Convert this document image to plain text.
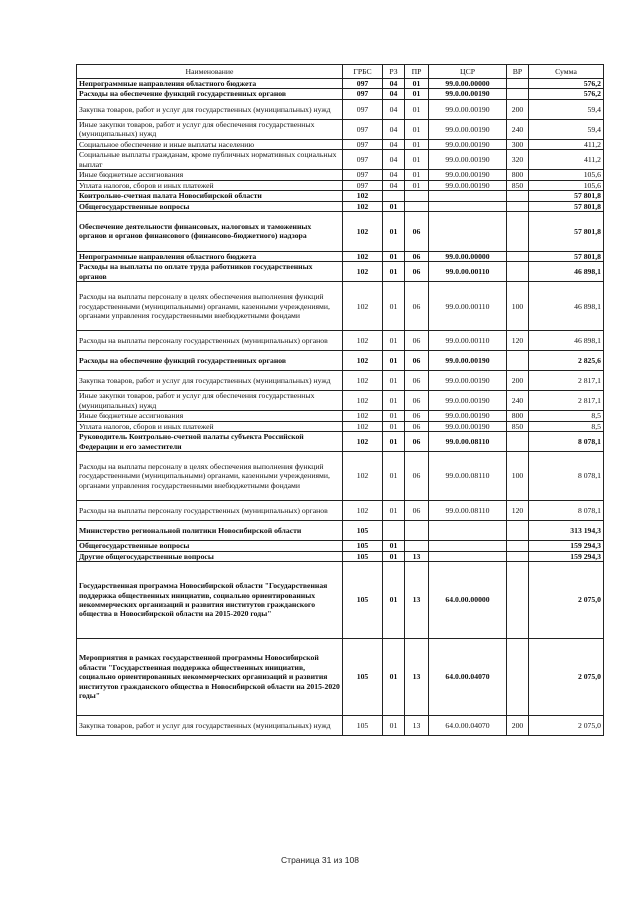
Наименование	ГРБС	РЗ	ПР	ЦСР	ВР	Сумма
Непрограммные направления областного бюджета	097	04	01	99.0.00.00000		576,2
Расходы на обеспечение функций государственных органов	097	04	01	99.0.00.00190		576,2
Закупка товаров, работ и услуг для государственных (муниципальных) нужд	097	04	01	99.0.00.00190	200	59,4
Иные закупки товаров, работ и услуг для обеспечения государственных (муниципальных) нужд	097	04	01	99.0.00.00190	240	59,4
Социальное обеспечение и иные выплаты населению	097	04	01	99.0.00.00190	300	411,2
Социальные выплаты гражданам, кроме публичных нормативных социальных выплат	097	04	01	99.0.00.00190	320	411,2
Иные бюджетные ассигнования	097	04	01	99.0.00.00190	800	105,6
Уплата налогов, сборов и иных платежей	097	04	01	99.0.00.00190	850	105,6
Контрольно-счетная палата Новосибирской области	102					57 801,8
Общегосударственные вопросы	102	01				57 801,8
Обеспечение деятельности финансовых, налоговых и таможенных органов и органов финансового (финансово-бюджетного) надзора	102	01	06			57 801,8
Непрограммные направления областного бюджета	102	01	06	99.0.00.00000		57 801,8
Расходы на выплаты по оплате труда работников государственных органов	102	01	06	99.0.00.00110		46 898,1
Расходы на выплаты персоналу в целях обеспечения выполнения функций государственными (муниципальными) органами, казенными учреждениями, органами управления государственными внебюджетными фондами	102	01	06	99.0.00.00110	100	46 898,1
Расходы на выплаты персоналу государственных (муниципальных) органов	102	01	06	99.0.00.00110	120	46 898,1
Расходы на обеспечение функций государственных органов	102	01	06	99.0.00.00190		2 825,6
Закупка товаров, работ и услуг для государственных (муниципальных) нужд	102	01	06	99.0.00.00190	200	2 817,1
Иные закупки товаров, работ и услуг для обеспечения государственных (муниципальных) нужд	102	01	06	99.0.00.00190	240	2 817,1
Иные бюджетные ассигнования	102	01	06	99.0.00.00190	800	8,5
Уплата налогов, сборов и иных платежей	102	01	06	99.0.00.00190	850	8,5
Руководитель Контрольно-счетной палаты субъекта Российской Федерации и его заместители	102	01	06	99.0.00.08110		8 078,1
Расходы на выплаты персоналу в целях обеспечения выполнения функций государственными (муниципальными) органами, казенными учреждениями, органами управления государственными внебюджетными фондами	102	01	06	99.0.00.08110	100	8 078,1
Расходы на выплаты персоналу государственных (муниципальных) органов	102	01	06	99.0.00.08110	120	8 078,1
Министерство региональной политики Новосибирской области	105					313 194,3
Общегосударственные вопросы	105	01				159 294,3
Другие общегосударственные вопросы	105	01	13			159 294,3
Государственная программа Новосибирской области "Государственная поддержка общественных инициатив, социально ориентированных некоммерческих организаций и развития институтов гражданского общества в Новосибирской области на 2015-2020 годы"	105	01	13	64.0.00.00000		2 075,0
Мероприятия в рамках государственной программы Новосибирской области "Государственная поддержка общественных инициатив, социально ориентированных некоммерческих организаций и развития институтов гражданского общества в Новосибирской области на 2015-2020 годы"	105	01	13	64.0.00.04070		2 075,0
Закупка товаров, работ и услуг для государственных (муниципальных) нужд	105	01	13	64.0.00.04070	200	2 075,0
Страница 31 из 108
